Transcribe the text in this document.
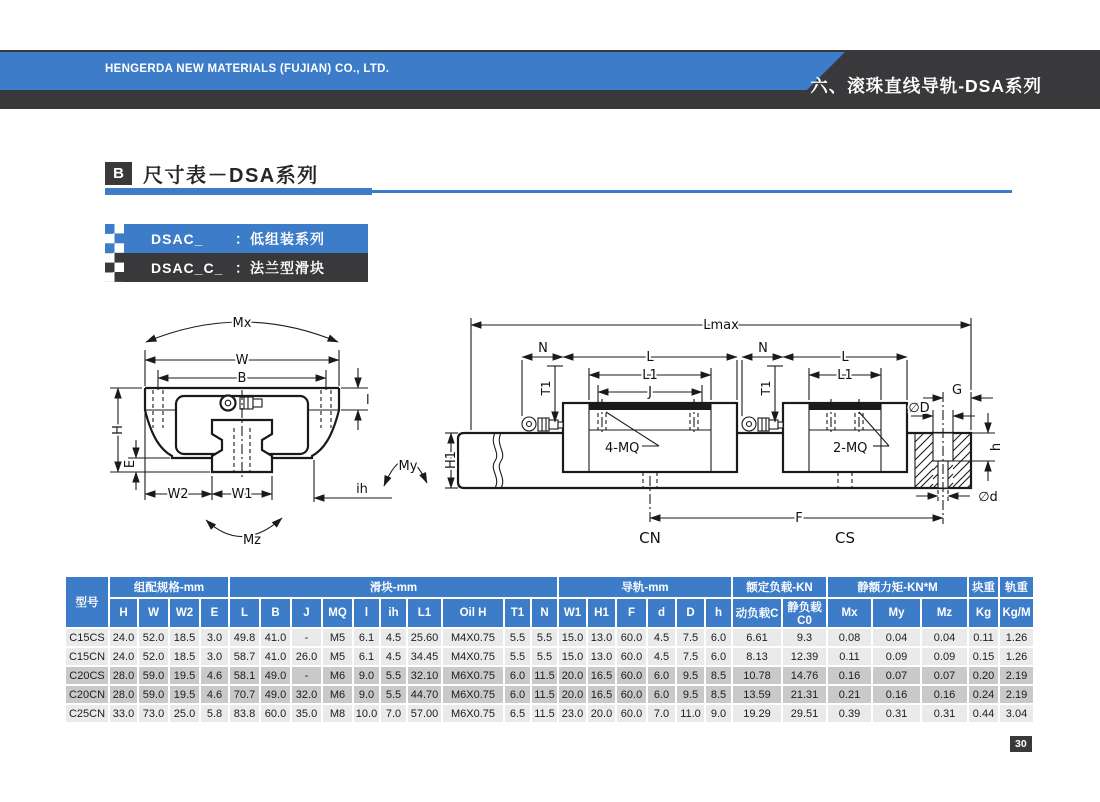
HENGERDA NEW MATERIALS (FUJIAN) CO., LTD.
六、滚珠直线导轨-DSA系列
B 尺寸表－DSA系列
DSAC_	：低组装系列
DSAC_C_ ：法兰型滑块
Mx
W
B
H
E
l
My
ih
W2	W1
Mz
H1
Lmax
4-MQ
N
L
L1
J
T1
CN
2-MQ
N
L
L1
T1
CS
G
∅D
h
∅d
F
型号	组配规格-mm				滑块-mm										导轨-mm						额定负载-KN		静额力矩-KN*M			块重	轨重
	H	W	W2	E	L	B	J	MQ	l	ih	L1	Oil H	T1	N	W1	H1	F	d	D	h	动负载C	静负载C0	Mx	My	Mz	Kg	Kg/M
C15CS	24.0	52.0	18.5	3.0	49.8	41.0	-	M5	6.1	4.5	25.60	M4X0.75	5.5	5.5	15.0	13.0	60.0	4.5	7.5	6.0	6.61	9.3	0.08	0.04	0.04	0.11	1.26
C15CN	24.0	52.0	18.5	3.0	58.7	41.0	26.0	M5	6.1	4.5	34.45	M4X0.75	5.5	5.5	15.0	13.0	60.0	4.5	7.5	6.0	8.13	12.39	0.11	0.09	0.09	0.15	1.26
C20CS	28.0	59.0	19.5	4.6	58.1	49.0	-	M6	9.0	5.5	32.10	M6X0.75	6.0	11.5	20.0	16.5	60.0	6.0	9.5	8.5	10.78	14.76	0.16	0.07	0.07	0.20	2.19
C20CN	28.0	59.0	19.5	4.6	70.7	49.0	32.0	M6	9.0	5.5	44.70	M6X0.75	6.0	11.5	20.0	16.5	60.0	6.0	9.5	8.5	13.59	21.31	0.21	0.16	0.16	0.24	2.19
C25CN	33.0	73.0	25.0	5.8	83.8	60.0	35.0	M8	10.0	7.0	57.00	M6X0.75	6.5	11.5	23.0	20.0	60.0	7.0	11.0	9.0	19.29	29.51	0.39	0.31	0.31	0.44	3.04
30
